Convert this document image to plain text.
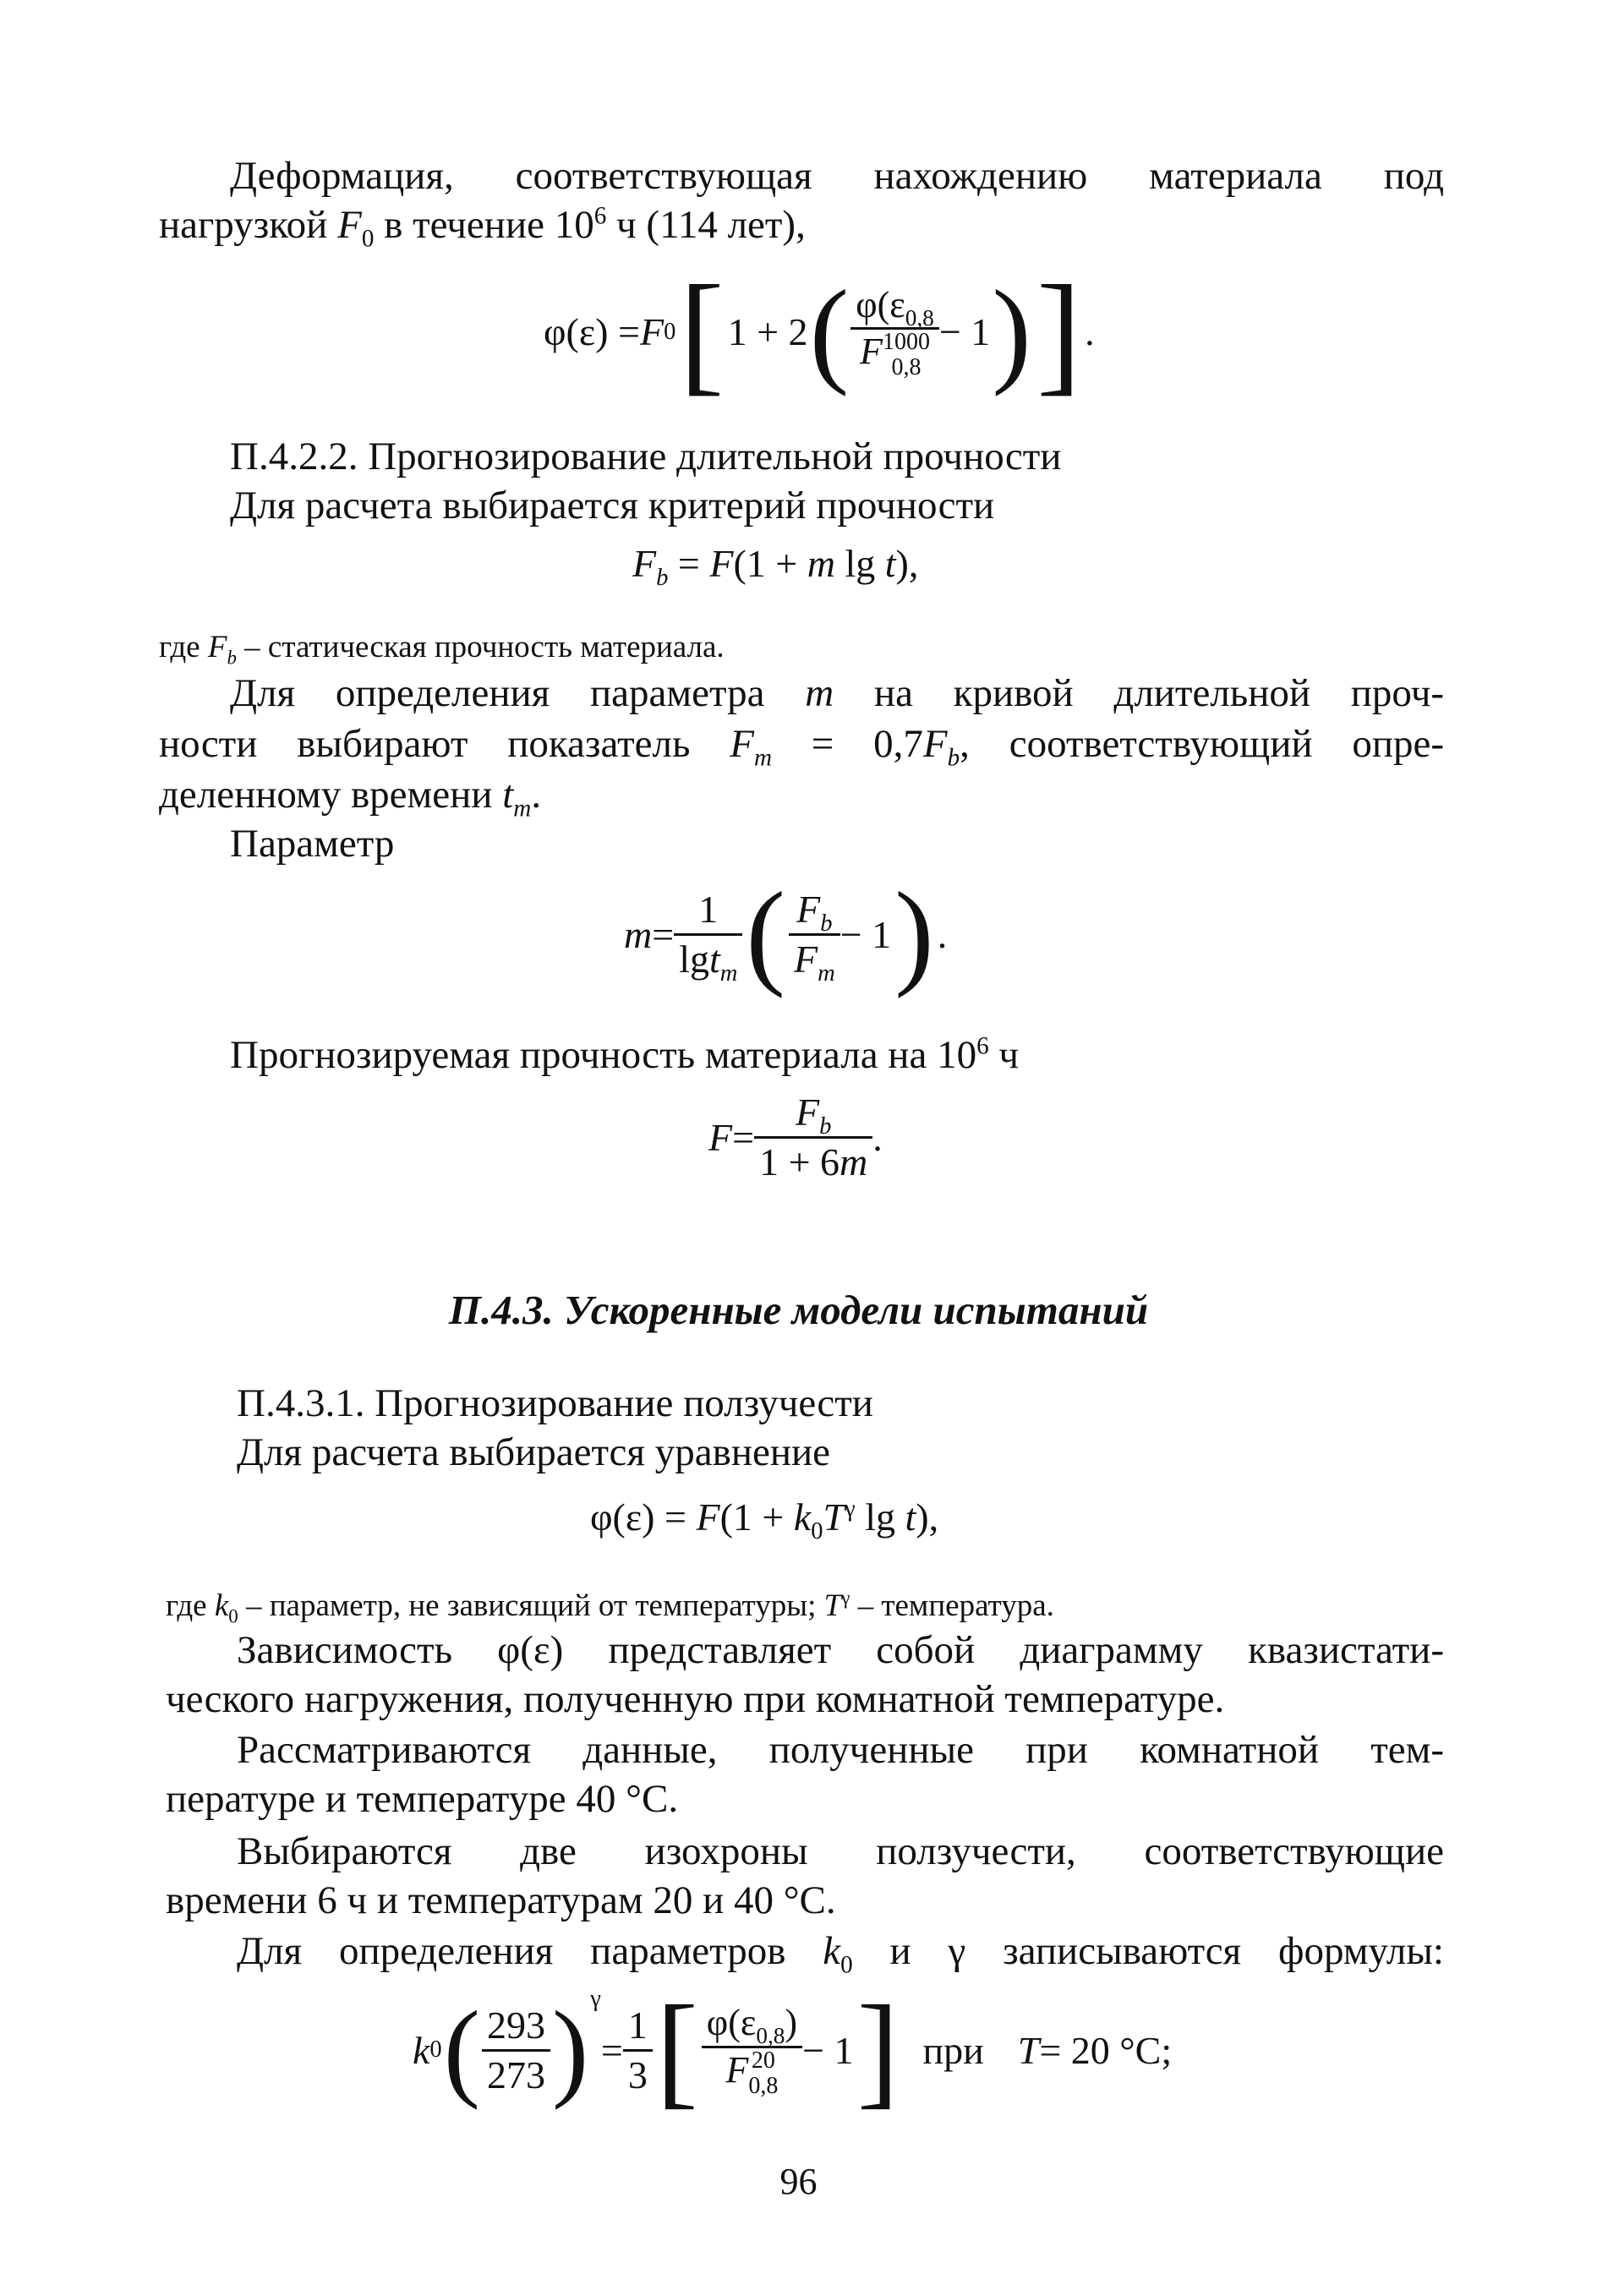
Деформация, соответствующая нахождению материала под
нагрузкой $F_0$ в течение $10^6$ ч (114 лет),
φ(ε) = F 0 [ 1 + 2 ( $\varphi(\varepsilon_{0,8}$
F 1000
0,8 − 1 ) ] .
П.4.2.2. Прогнозирование длительной прочности
Для расчета выбирается критерий прочности
$F_b = F(1 + m$ lg t),
где $F_b$ – статическая прочность материала.
Для определения параметра m на кривой длительной проч-
ности выбирают показатель $F_m = 0,7F_b$, соответствующий опре-
деленному времени $t_m$.
Параметр
$m = \frac{1}{\lg t_m}$ ( $\frac{F_b}{F_m} - 1$ ) .
Прогнозируемая прочность материала на $10^6$ ч
$F = \frac{F_b}{1 + 6m}$ .
П.4.3. Ускоренные модели испытаний
П.4.3.1. Прогнозирование ползучести
Для расчета выбирается уравнение
$\varphi(\varepsilon) = F(1 + k_0T^\gamma$ lg t),
где $k_0$ – параметр, не зависящий от температуры; $T^\gamma$ – температура.
Зависимость φ(ε) представляет собой диаграмму квазистати-
ческого нагружения, полученную при комнатной температуре.
Рассматриваются данные, полученные при комнатной тем-
пературе и температуре 40 °С.
Выбираются две изохроны ползучести, соответствующие
времени 6 ч и температурам 20 и 40 °С.
Для определения параметров $k_0$ и γ записываются формулы:
k 0 ( $\frac{293}{273}$ ) γ
= $\frac{1}{3}$ [ $\varphi(\varepsilon_{0,8})$
F 20
0,8 − 1 ] при T = 20 °С;
96
